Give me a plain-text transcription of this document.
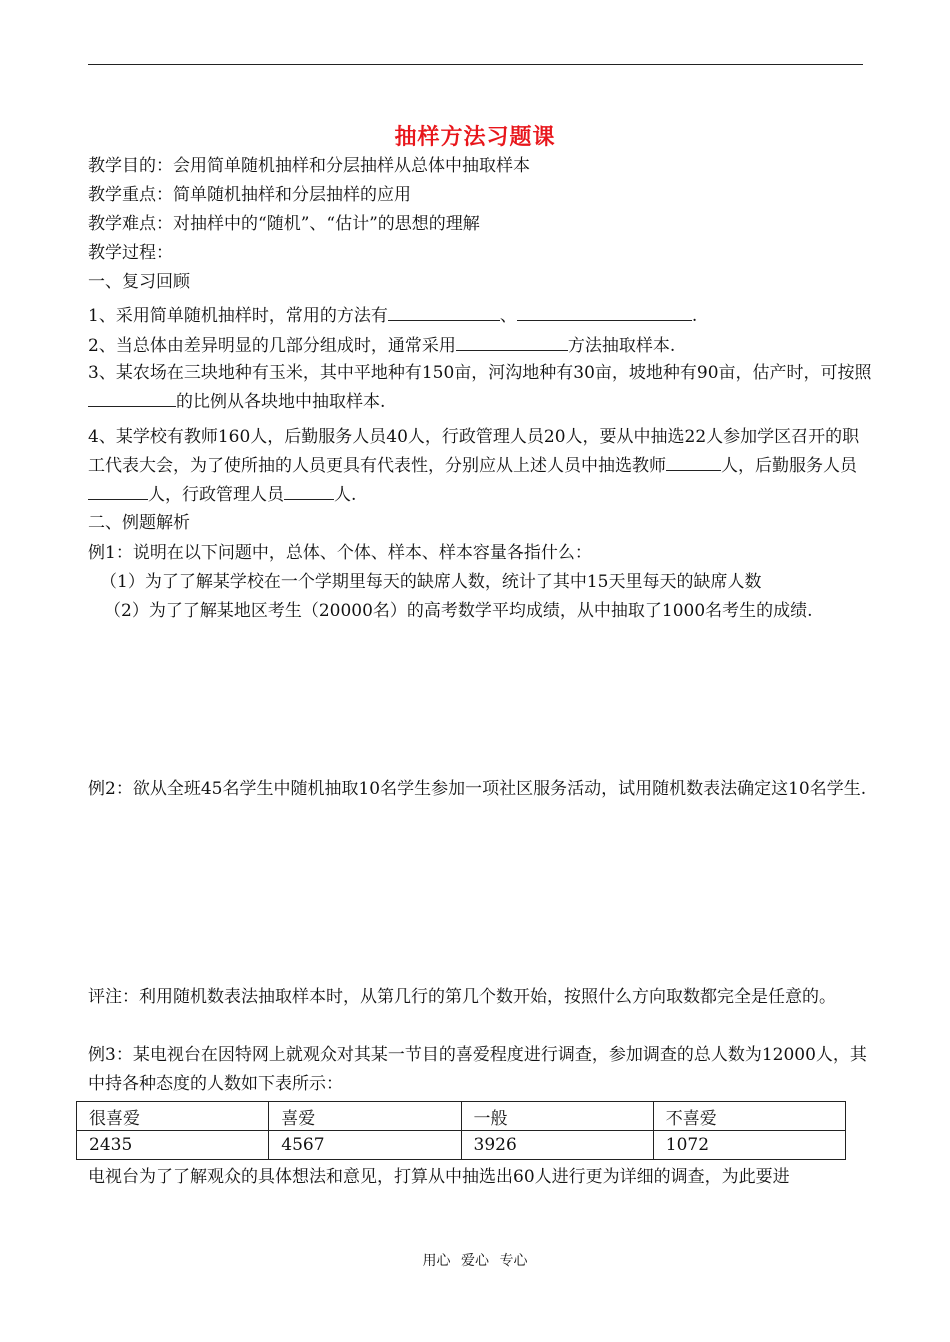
抽样方法习题课
教学目的：会用简单随机抽样和分层抽样从总体中抽取样本
教学重点：简单随机抽样和分层抽样的应用
教学难点：对抽样中的“随机”、“估计”的思想的理解
教学过程：
一、复习回顾
1、采用简单随机抽样时，常用的方法有	、	.
2、当总体由差异明显的几部分组成时，通常采用	方法抽取样本.
3、某农场在三块地种有玉米，其中平地种有150亩，河沟地种有30亩，坡地种有90亩，估产时，可按照的比例从各块地中抽取样本.
4、某学校有教师160人，后勤服务人员40人，行政管理人员20人，要从中抽选22人参加学区召开的职工代表大会，为了使所抽的人员更具有代表性，分别应从上述人员中抽选教师	人，后勤服务人员人，行政管理人员	人.
二、例题解析
例1：说明在以下问题中，总体、个体、样本、样本容量各指什么：
（1）为了了解某学校在一个学期里每天的缺席人数，统计了其中15天里每天的缺席人数
（2）为了了解某地区考生（20000名）的高考数学平均成绩，从中抽取了1000名考生的成绩.
例2：欲从全班45名学生中随机抽取10名学生参加一项社区服务活动，试用随机数表法确定这10名学生.
评注：利用随机数表法抽取样本时，从第几行的第几个数开始，按照什么方向取数都完全是任意的。
例3：某电视台在因特网上就观众对其某一节目的喜爱程度进行调查，参加调查的总人数为12000人，其中持各种态度的人数如下表所示：
很喜爱	喜爱	一般	不喜爱
2435	4567	3926	1072
电视台为了了解观众的具体想法和意见，打算从中抽选出60人进行更为详细的调查，为此要进
用心 爱心 专心
